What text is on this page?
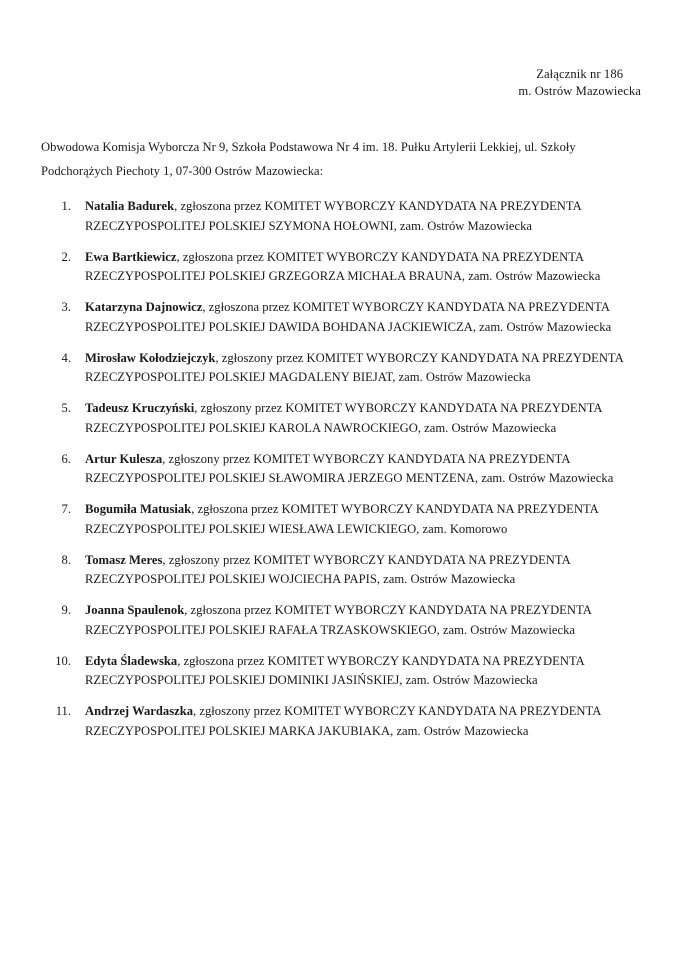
Załącznik nr 186
m. Ostrów Mazowiecka

Obwodowa Komisja Wyborcza Nr 9, Szkoła Podstawowa Nr 4 im. 18. Pułku Artylerii Lekkiej, ul. Szkoły Podchorążych Piechoty 1, 07-300 Ostrów Mazowiecka:

1. Natalia Badurek, zgłoszona przez KOMITET WYBORCZY KANDYDATA NA PREZYDENTA RZECZYPOSPOLITEJ POLSKIEJ SZYMONA HOŁOWNI, zam. Ostrów Mazowiecka
2. Ewa Bartkiewicz, zgłoszona przez KOMITET WYBORCZY KANDYDATA NA PREZYDENTA RZECZYPOSPOLITEJ POLSKIEJ GRZEGORZA MICHAŁA BRAUNA, zam. Ostrów Mazowiecka
3. Katarzyna Dajnowicz, zgłoszona przez KOMITET WYBORCZY KANDYDATA NA PREZYDENTA RZECZYPOSPOLITEJ POLSKIEJ DAWIDA BOHDANA JACKIEWICZA, zam. Ostrów Mazowiecka
4. Mirosław Kołodziejczyk, zgłoszony przez KOMITET WYBORCZY KANDYDATA NA PREZYDENTA RZECZYPOSPOLITEJ POLSKIEJ MAGDALENY BIEJAT, zam. Ostrów Mazowiecka
5. Tadeusz Kruczyński, zgłoszony przez KOMITET WYBORCZY KANDYDATA NA PREZYDENTA RZECZYPOSPOLITEJ POLSKIEJ KAROLA NAWROCKIEGO, zam. Ostrów Mazowiecka
6. Artur Kulesza, zgłoszony przez KOMITET WYBORCZY KANDYDATA NA PREZYDENTA RZECZYPOSPOLITEJ POLSKIEJ SŁAWOMIRA JERZEGO MENTZENA, zam. Ostrów Mazowiecka
7. Bogumiła Matusiak, zgłoszona przez KOMITET WYBORCZY KANDYDATA NA PREZYDENTA RZECZYPOSPOLITEJ POLSKIEJ WIESŁAWA LEWICKIEGO, zam. Komorowo
8. Tomasz Meres, zgłoszony przez KOMITET WYBORCZY KANDYDATA NA PREZYDENTA RZECZYPOSPOLITEJ POLSKIEJ WOJCIECHA PAPIS, zam. Ostrów Mazowiecka
9. Joanna Spaulenok, zgłoszona przez KOMITET WYBORCZY KANDYDATA NA PREZYDENTA RZECZYPOSPOLITEJ POLSKIEJ RAFAŁA TRZASKOWSKIEGO, zam. Ostrów Mazowiecka
10. Edyta Śladewska, zgłoszona przez KOMITET WYBORCZY KANDYDATA NA PREZYDENTA RZECZYPOSPOLITEJ POLSKIEJ DOMINIKI JASIŃSKIEJ, zam. Ostrów Mazowiecka
11. Andrzej Wardaszka, zgłoszony przez KOMITET WYBORCZY KANDYDATA NA PREZYDENTA RZECZYPOSPOLITEJ POLSKIEJ MARKA JAKUBIAKA, zam. Ostrów Mazowiecka
